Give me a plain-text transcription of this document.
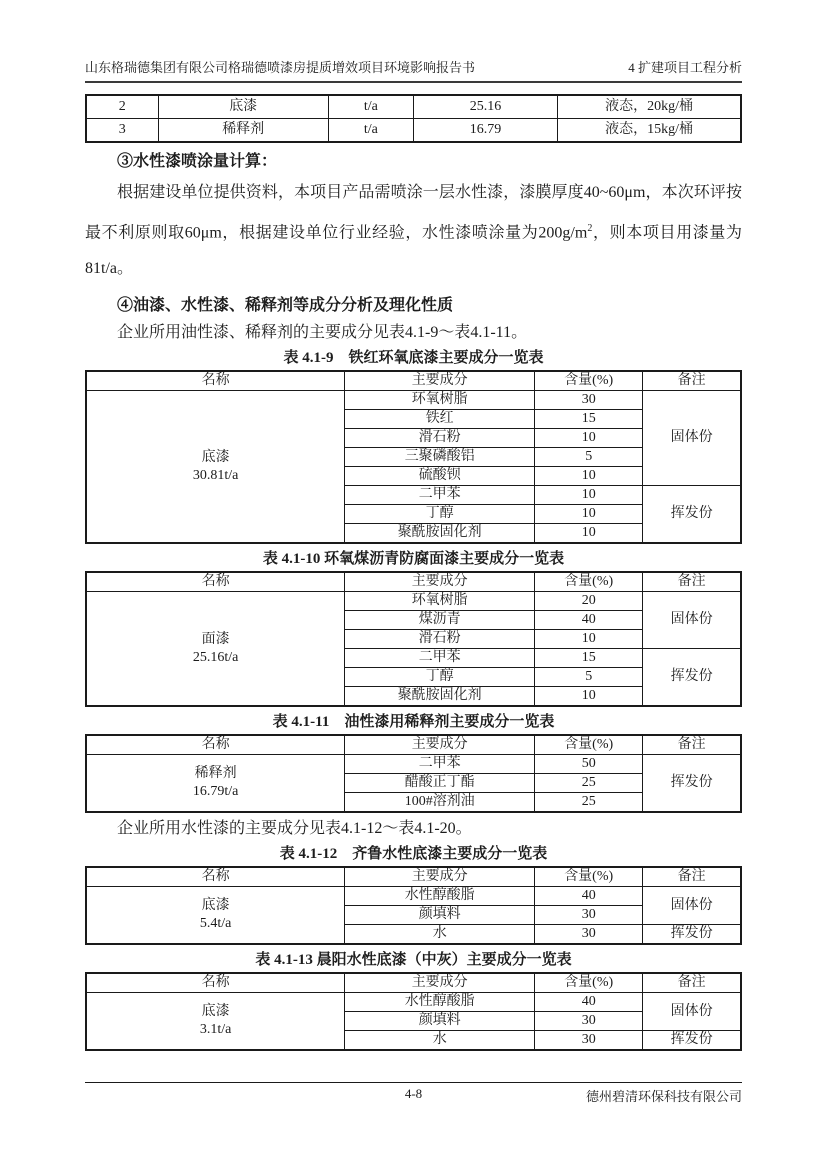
山东格瑞德集团有限公司格瑞德喷漆房提质增效项目环境影响报告书	4 扩建项目工程分析
2	底漆	t/a	25.16	液态，20kg/桶
3	稀释剂	t/a	16.79	液态，15kg/桶
③水性漆喷涂量计算：

根据建设单位提供资料，本项目产品需喷涂一层水性漆，漆膜厚度40~60μm，本次环评按最不利原则取60μm，根据建设单位行业经验，水性漆喷涂量为$200g/m^2$，则本项目用漆量为81t/a。

④油漆、水性漆、稀释剂等成分分析及理化性质

企业所用油性漆、稀释剂的主要成分见表4.1-9～表4.1-11。

表 4.1-9　铁红环氧底漆主要成分一览表
名称	主要成分	含量(%)	备注

底漆
30.81t/a	环氧树脂	30	固体份
	铁红	15	
	滑石粉	10	
	三聚磷酸铝	5	
	硫酸钡	10	
	二甲苯	10	挥发份
	丁醇	10	
	聚酰胺固化剂	10	
表 4.1-10 环氧煤沥青防腐面漆主要成分一览表
名称	主要成分	含量(%)	备注

面漆
25.16t/a	环氧树脂	20	固体份
	煤沥青	40	
	滑石粉	10	
	二甲苯	15	挥发份
	丁醇	5	
	聚酰胺固化剂	10	
表 4.1-11　油性漆用稀释剂主要成分一览表
名称	主要成分	含量(%)	备注

稀释剂
16.79t/a	二甲苯	50	挥发份
	醋酸正丁酯	25	
	100#溶剂油	25	

企业所用水性漆的主要成分见表4.1-12～表4.1-20。

表 4.1-12　齐鲁水性底漆主要成分一览表
名称	主要成分	含量(%)	备注

底漆
5.4t/a	水性醇酸脂	40	固体份
	颜填料	30	
	水	30	挥发份
表 4.1-13 晨阳水性底漆（中灰）主要成分一览表
名称	主要成分	含量(%)	备注

底漆
3.1t/a	水性醇酸脂	40	固体份
	颜填料	30	
	水	30	挥发份
4-8	德州碧清环保科技有限公司
